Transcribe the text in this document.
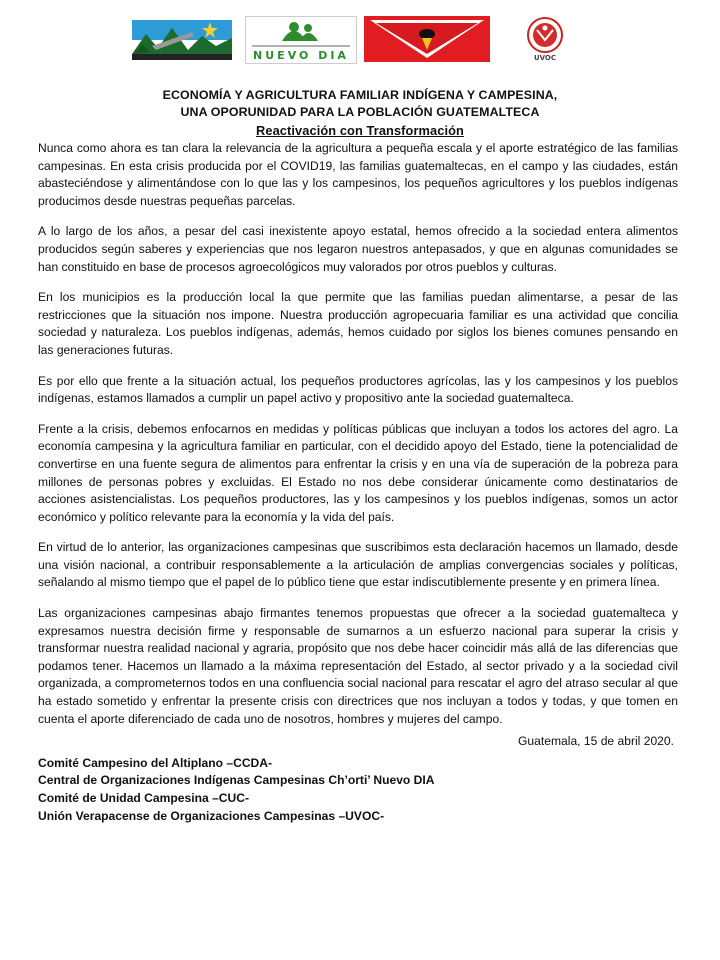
NUEVO DIA	UVOC
ECONOMÍA Y AGRICULTURA FAMILIAR INDÍGENA Y CAMPESINA,
UNA OPORUNIDAD PARA LA POBLACIÓN GUATEMALTECA
Reactivación con Transformación

Nunca como ahora es tan clara la relevancia de la agricultura a pequeña escala y el aporte estratégico de las familias campesinas. En esta crisis producida por el COVID19, las familias guatemaltecas, en el campo y las ciudades, están abasteciéndose y alimentándose con lo que las y los campesinos, los pequeños agricultores y los pueblos indígenas producimos desde nuestras pequeñas parcelas.

A lo largo de los años, a pesar del casi inexistente apoyo estatal, hemos ofrecido a la sociedad entera alimentos producidos según saberes y experiencias que nos legaron nuestros antepasados, y que en algunas comunidades se han constituido en base de procesos agroecológicos muy valorados por otros pueblos y culturas.

En los municipios es la producción local la que permite que las familias puedan alimentarse, a pesar de las restricciones que la situación nos impone. Nuestra producción agropecuaria familiar es una actividad que concilia sociedad y naturaleza. Los pueblos indígenas, además, hemos cuidado por siglos los bienes comunes pensando en las generaciones futuras.

Es por ello que frente a la situación actual, los pequeños productores agrícolas, las y los campesinos y los pueblos indígenas, estamos llamados a cumplir un papel activo y propositivo ante la sociedad guatemalteca.

Frente a la crisis, debemos enfocarnos en medidas y políticas públicas que incluyan a todos los actores del agro. La economía campesina y la agricultura familiar en particular, con el decidido apoyo del Estado, tiene la potencialidad de convertirse en una fuente segura de alimentos para enfrentar la crisis y en una vía de superación de la pobreza para millones de personas pobres y excluidas. El Estado no nos debe considerar únicamente como destinatarios de acciones asistencialistas. Los pequeños productores, las y los campesinos y los pueblos indígenas, somos un actor económico y político relevante para la economía y la vida del país.

En virtud de lo anterior, las organizaciones campesinas que suscribimos esta declaración hacemos un llamado, desde una visión nacional, a contribuir responsablemente a la articulación de amplias convergencias sociales y políticas, señalando al mismo tiempo que el papel de lo público tiene que estar indiscutiblemente presente y en primera línea.

Las organizaciones campesinas abajo firmantes tenemos propuestas que ofrecer a la sociedad guatemalteca y expresamos nuestra decisión firme y responsable de sumarnos a un esfuerzo nacional para superar la crisis y transformar nuestra realidad nacional y agraria, propósito que nos debe hacer coincidir más allá de las diferencias que podamos tener. Hacemos un llamado a la máxima representación del Estado, al sector privado y a la sociedad civil organizada, a comprometernos todos en una confluencia social nacional para rescatar el agro del atraso secular al que ha estado sometido y enfrentar la presente crisis con directrices que nos incluyan a todos y todas, y que tomen en cuenta el aporte diferenciado de cada uno de nosotros, hombres y mujeres del campo.

Guatemala, 15 de abril 2020.
Comité Campesino del Altiplano –CCDA-
Central de Organizaciones Indígenas Campesinas Ch’orti’ Nuevo DIA
Comité de Unidad Campesina –CUC-
Unión Verapacense de Organizaciones Campesinas –UVOC-
